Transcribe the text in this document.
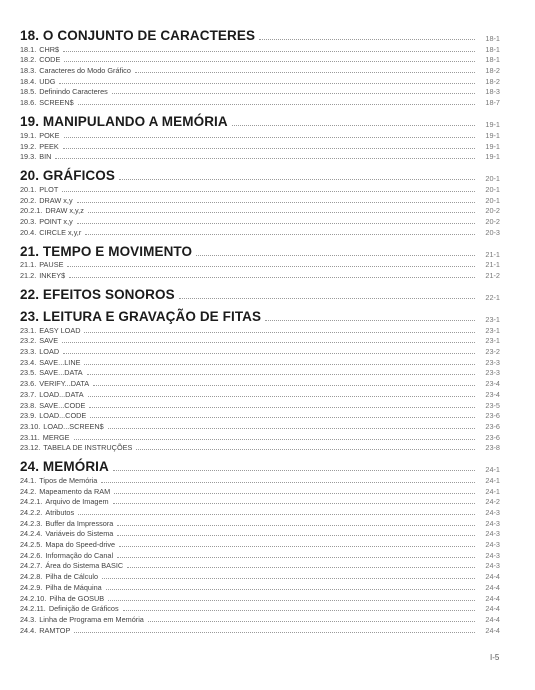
18. O CONJUNTO DE CARACTERES	18-1
18.1. CHR$	18-1
18.2. CODE	18-1
18.3. Caracteres do Modo Gráfico	18-2
18.4. UDG	18-2
18.5. Definindo Caracteres	18-3
18.6. SCREEN$	18-7
19. MANIPULANDO A MEMÓRIA	19-1
19.1. POKE	19-1
19.2. PEEK	19-1
19.3. BIN	19-1
20. GRÁFICOS	20-1
20.1. PLOT	20-1
20.2. DRAW x,y	20-1
20.2.1. DRAW x,y,z	20-2
20.3. POINT x,y	20-2
20.4. CIRCLE x,y,r	20-3
21. TEMPO E MOVIMENTO	21-1
21.1. PAUSE	21-1
21.2. INKEY$	21-2
22. EFEITOS SONOROS	22-1
23. LEITURA E GRAVAÇÃO DE FITAS	23-1
23.1. EASY LOAD	23-1
23.2. SAVE	23-1
23.3. LOAD	23-2
23.4. SAVE...LINE	23-3
23.5. SAVE...DATA	23-3
23.6. VERIFY...DATA	23-4
23.7. LOAD...DATA	23-4
23.8. SAVE...CODE	23-5
23.9. LOAD...CODE	23-6
23.10. LOAD...SCREEN$	23-6
23.11. MERGE	23-6
23.12. TABELA DE INSTRUÇÕES	23-8
24. MEMÓRIA	24-1
24.1. Tipos de Memória	24-1
24.2. Mapeamento da RAM	24-1
24.2.1. Arquivo de Imagem	24-2
24.2.2. Atributos	24-3
24.2.3. Buffer da Impressora	24-3
24.2.4. Variáveis do Sistema	24-3
24.2.5. Mapa do Speed-drive	24-3
24.2.6. Informação do Canal	24-3
24.2.7. Área do Sistema BASIC	24-3
24.2.8. Pilha de Cálculo	24-4
24.2.9. Pilha de Máquina	24-4
24.2.10. Pilha de GOSUB	24-4
24.2.11. Definição de Gráficos	24-4
24.3. Linha de Programa em Memória	24-4
24.4. RAMTOP	24-4
I-5
